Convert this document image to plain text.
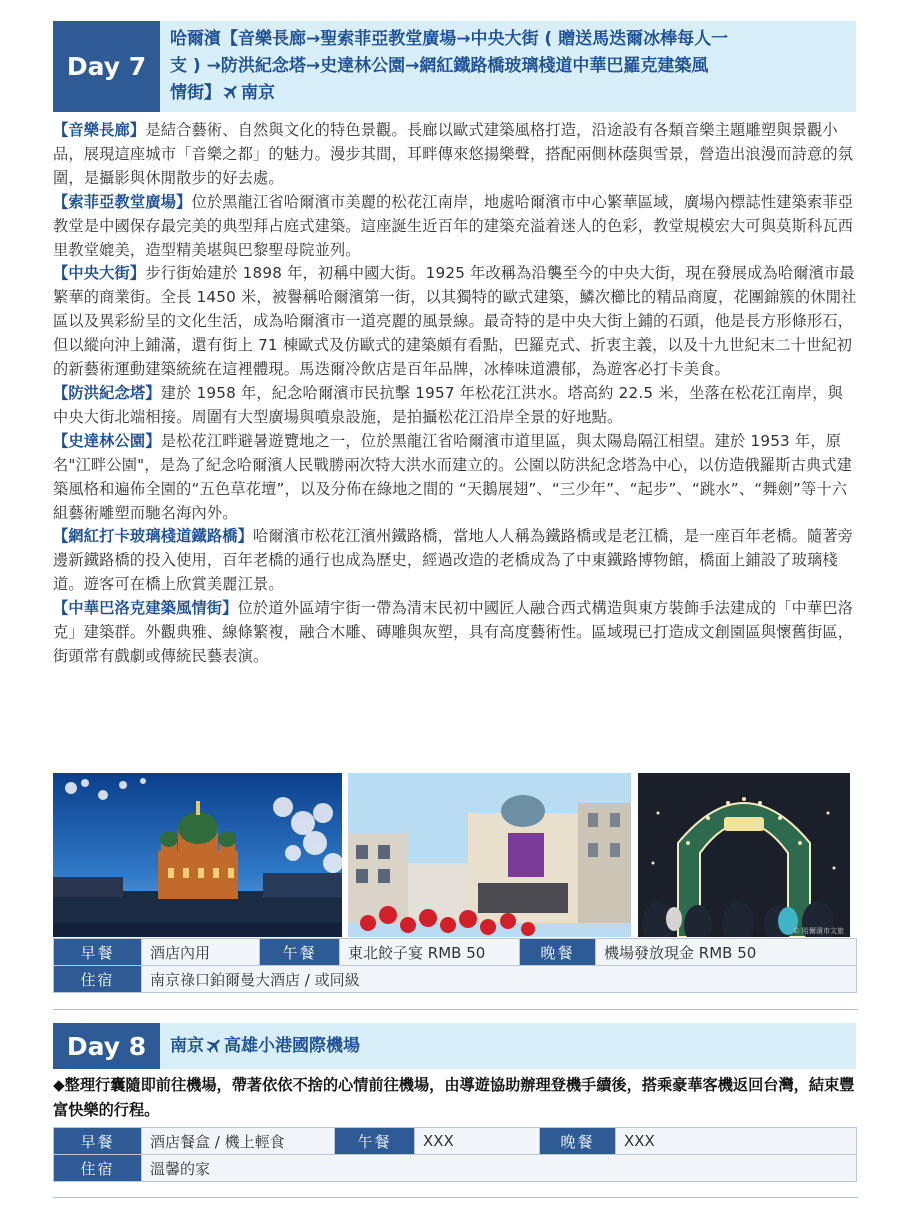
Day 7
哈爾濱【音樂長廊→聖索菲亞教堂廣場→中央大街 ( 贈送馬迭爾冰棒每人一
支 ) →防洪紀念塔→史達林公園→網紅鐵路橋玻璃棧道中華巴羅克建築風
情街】 南京
【音樂長廊】是結合藝術、自然與文化的特色景觀。長廊以歐式建築風格打造，沿途設有各類音樂主題雕塑與景觀小品，展現這座城市「音樂之都」的魅力。漫步其間，耳畔傳來悠揚樂聲，搭配兩側林蔭與雪景，營造出浪漫而詩意的氛圍，是攝影與休閒散步的好去處。
【索菲亞教堂廣場】位於黑龍江省哈爾濱市美麗的松花江南岸，地處哈爾濱市中心繁華區域，廣場內標誌性建築索菲亞教堂是中國保存最完美的典型拜占庭式建築。這座誕生近百年的建築充溢着迷人的色彩，教堂規模宏大可與莫斯科瓦西里教堂媲美，造型精美堪與巴黎聖母院並列。
【中央大街】步行街始建於 1898 年，初稱中國大街。1925 年改稱為沿襲至今的中央大街，現在發展成為哈爾濱市最繁華的商業街。全長 1450 米，被譽稱哈爾濱第一街，以其獨特的歐式建築，鱗次櫛比的精品商廈，花團錦簇的休閒社區以及異彩紛呈的文化生活，成為哈爾濱市一道亮麗的風景線。最奇特的是中央大街上鋪的石頭，他是長方形條形石，但以縱向沖上鋪滿，還有街上 71 棟歐式及仿歐式的建築頗有看點，巴羅克式、折衷主義，以及十九世紀末二十世紀初的新藝術運動建築統統在這裡體現。馬迭爾冷飲店是百年品牌，冰棒味道濃郁，為遊客必打卡美食。
【防洪紀念塔】建於 1958 年，紀念哈爾濱市民抗擊 1957 年松花江洪水。塔高約 22.5 米，坐落在松花江南岸，與中央大街北端相接。周圍有大型廣場與噴泉設施，是拍攝松花江沿岸全景的好地點。
【史達林公園】是松花江畔避暑遊覽地之一，位於黑龍江省哈爾濱市道里區，與太陽島隔江相望。建於 1953 年，原名"江畔公園"，是為了紀念哈爾濱人民戰勝兩次特大洪水而建立的。公園以防洪紀念塔為中心，以仿造俄羅斯古典式建築風格和遍佈全園的“五色草花壇”，以及分佈在綠地之間的 “天鵝展翅”、“三少年”、“起步”、“跳水”、“舞劍”等十六組藝術雕塑而馳名海內外。
【網紅打卡玻璃棧道鐵路橋】哈爾濱市松花江濱州鐵路橋，當地人人稱為鐵路橋或是老江橋，是一座百年老橋。隨著旁邊新鐵路橋的投入使用，百年老橋的通行也成為歷史，經過改造的老橋成為了中東鐵路博物館，橋面上鋪設了玻璃棧道。遊客可在橋上欣賞美麗江景。
【中華巴洛克建築風情街】位於道外區靖宇街一帶為清末民初中國匠人融合西式構造與東方裝飾手法建成的「中華巴洛克」建築群。外觀典雅、線條繁複，融合木雕、磚雕與灰塑，具有高度藝術性。區域現已打造成文創園區與懷舊街區，街頭常有戲劇或傳統民藝表演。
© 哈爾濱市文旅
早餐	酒店內用	午餐	東北餃子宴 RMB 50	晚餐	機場發放現金 RMB 50
住宿	南京祿口鉑爾曼大酒店 / 或同級				
Day 8 南京 高雄小港國際機場
◆整理行囊隨即前往機場，帶著依依不捨的心情前往機場，由導遊協助辦理登機手續後，搭乘豪華客機返回台灣，結束豐富快樂的行程。
早餐	酒店餐盒 / 機上輕食	午餐	XXX	晚餐	XXX
住宿	溫馨的家				
